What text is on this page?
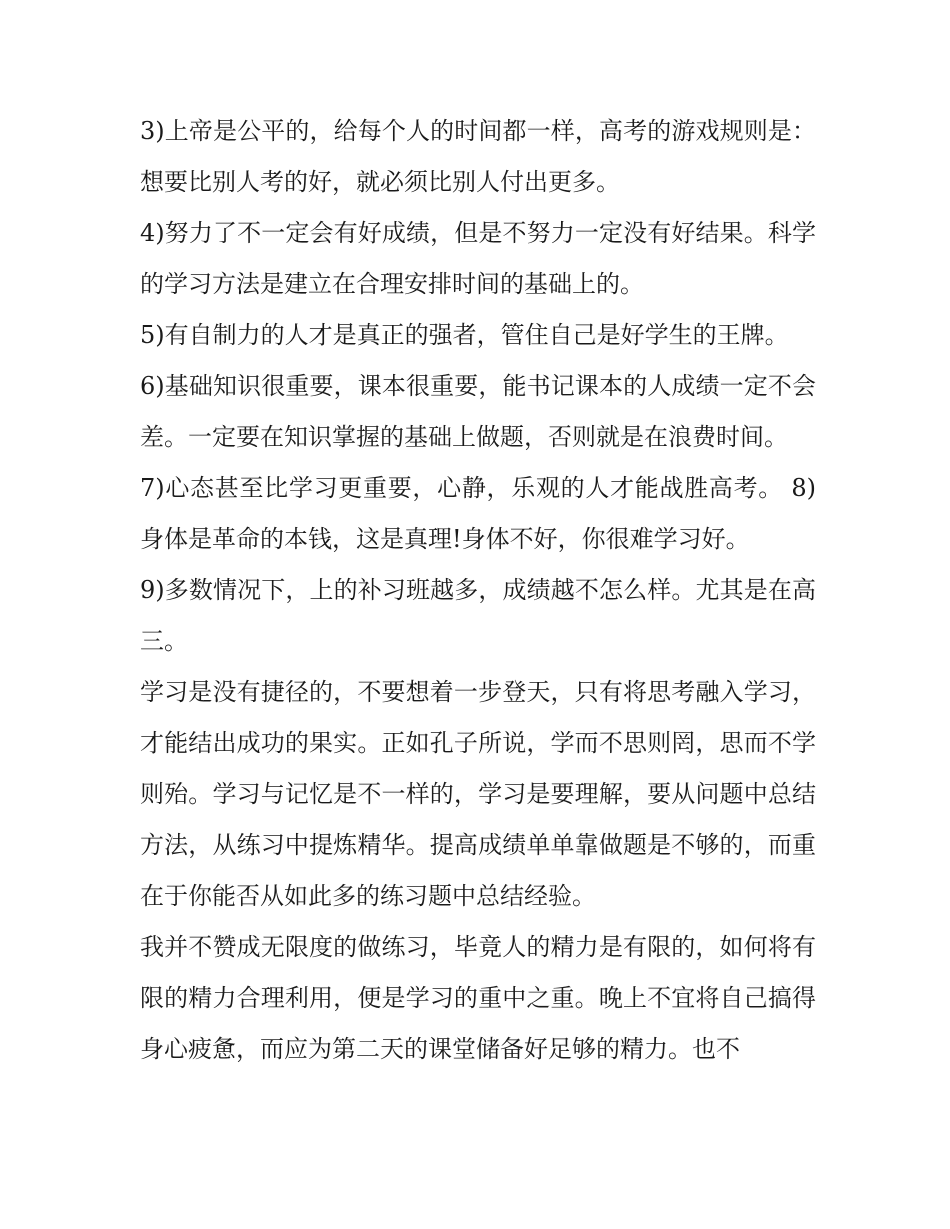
3)上帝是公平的，给每个人的时间都一样，高考的游戏规则是：想要比别人考的好，就必须比别人付出更多。

4)努力了不一定会有好成绩，但是不努力一定没有好结果。科学的学习方法是建立在合理安排时间的基础上的。

5)有自制力的人才是真正的强者，管住自己是好学生的王牌。

6)基础知识很重要，课本很重要，能书记课本的人成绩一定不会差。一定要在知识掌握的基础上做题，否则就是在浪费时间。

7)心态甚至比学习更重要，心静，乐观的人才能战胜高考。 8)身体是革命的本钱，这是真理!身体不好，你很难学习好。

9)多数情况下，上的补习班越多，成绩越不怎么样。尤其是在高三。

学习是没有捷径的，不要想着一步登天，只有将思考融入学习，才能结出成功的果实。正如孔子所说，学而不思则罔，思而不学则殆。学习与记忆是不一样的，学习是要理解，要从问题中总结方法，从练习中提炼精华。提高成绩单单靠做题是不够的，而重在于你能否从如此多的练习题中总结经验。

我并不赞成无限度的做练习，毕竟人的精力是有限的，如何将有限的精力合理利用，便是学习的重中之重。晚上不宜将自己搞得身心疲惫，而应为第二天的课堂储备好足够的精力。也不
